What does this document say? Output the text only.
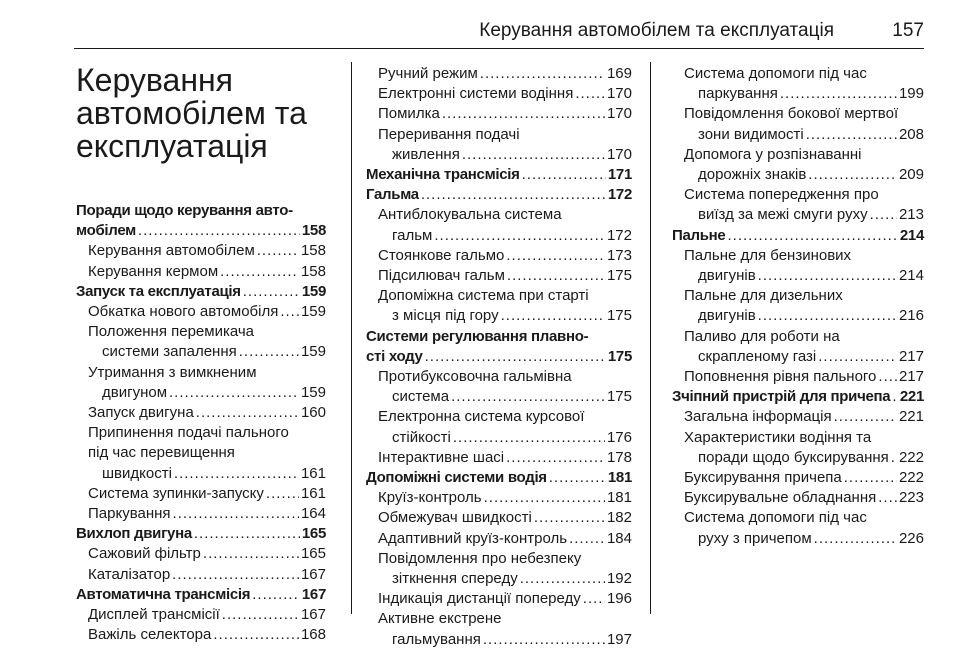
Керування автомобілем та експлуатація	157
Керування
автомобілем та
експлуатація
Поради щодо керування авто-
мобілем .....	158
Керування автомобілем .....	158
Керування кермом .....	158
Запуск та експлуатація .....	159
Обкатка нового автомобіля ..... 159
Положення перемикача
системи запалення .....	159
Утримання з вимкненим
двигуном .....	159
Запуск двигуна .....	160
Припинення подачі пального
під час перевищення
швидкості .....	161
Система зупинки-запуску ..... 161
Паркування .....	164
Вихлоп двигуна .....	165
Сажовий фільтр .....	165
Каталізатор .....	167
Автоматична трансмісія .....	167
Дисплей трансмісії .....	167
Важіль селектора .....	168
Ручний режим .....	169
Електронні системи водіння ..... 170
Помилка .....	170
Переривання подачі
живлення .....	170
Механічна трансмісія .....	171
Гальма .....	172
Антиблокувальна система
гальм .....	172
Стоянкове гальмо .....	173
Підсилювач гальм .....	175
Допоміжна система при старті
з місця під гору .....	175
Системи регулювання плавно-
сті ходу .....	175
Протибуксовочна гальмівна
система .....	175
Електронна система курсової
стійкості .....	176
Інтерактивне шасі .....	178
Допоміжні системи водія .....	181
Круїз-контроль .....	181
Обмежувач швидкості .....	182
Адаптивний круїз-контроль .....	184
Повідомлення про небезпеку
зіткнення спереду .....	192
Індикація дистанції попереду ..... 196
Активне екстрене
гальмування .....	197
Система допомоги під час
паркування .....	199
Повідомлення бокової мертвої
зони видимості .....	208
Допомога у розпізнаванні
дорожніх знаків .....	209
Система попередження про
виїзд за межі смуги руху ..... 213
Пальне .....	214
Пальне для бензинових
двигунів .....	214
Пальне для дизельних
двигунів .....	216
Паливо для роботи на
скрапленому газі .....	217
Поповнення рівня пального ..... 217
Зчіпний пристрій для причепа ..... 221
Загальна інформація .....	221
Характеристики водіння та
поради щодо буксирування ..... 222
Буксирування причепа .....	222
Буксирувальне обладнання ..... 223
Система допомоги під час
руху з причепом .....	226
